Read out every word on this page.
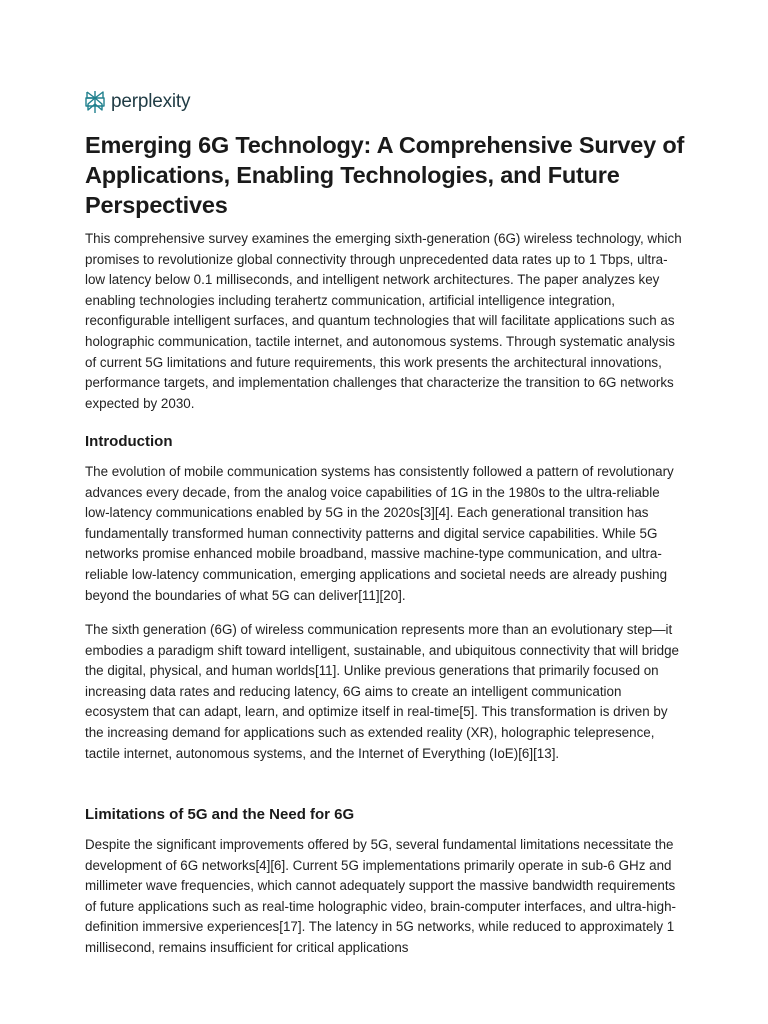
perplexity
Emerging 6G Technology: A Comprehensive Survey of Applications, Enabling Technologies, and Future Perspectives

This comprehensive survey examines the emerging sixth-generation (6G) wireless technology, which promises to revolutionize global connectivity through unprecedented data rates up to 1 Tbps, ultra-low latency below 0.1 milliseconds, and intelligent network architectures. The paper analyzes key enabling technologies including terahertz communication, artificial intelligence integration, reconfigurable intelligent surfaces, and quantum technologies that will facilitate applications such as holographic communication, tactile internet, and autonomous systems. Through systematic analysis of current 5G limitations and future requirements, this work presents the architectural innovations, performance targets, and implementation challenges that characterize the transition to 6G networks expected by 2030.

Introduction

The evolution of mobile communication systems has consistently followed a pattern of revolutionary advances every decade, from the analog voice capabilities of 1G in the 1980s to the ultra-reliable low-latency communications enabled by 5G in the 2020s[3][4]. Each generational transition has fundamentally transformed human connectivity patterns and digital service capabilities. While 5G networks promise enhanced mobile broadband, massive machine-type communication, and ultra-reliable low-latency communication, emerging applications and societal needs are already pushing beyond the boundaries of what 5G can deliver[11][20].

The sixth generation (6G) of wireless communication represents more than an evolutionary step—it embodies a paradigm shift toward intelligent, sustainable, and ubiquitous connectivity that will bridge the digital, physical, and human worlds[11]. Unlike previous generations that primarily focused on increasing data rates and reducing latency, 6G aims to create an intelligent communication ecosystem that can adapt, learn, and optimize itself in real-time[5]. This transformation is driven by the increasing demand for applications such as extended reality (XR), holographic telepresence, tactile internet, autonomous systems, and the Internet of Everything (IoE)[6][13].

Limitations of 5G and the Need for 6G

Despite the significant improvements offered by 5G, several fundamental limitations necessitate the development of 6G networks[4][6]. Current 5G implementations primarily operate in sub-6 GHz and millimeter wave frequencies, which cannot adequately support the massive bandwidth requirements of future applications such as real-time holographic video, brain-computer interfaces, and ultra-high-definition immersive experiences[17]. The latency in 5G networks, while reduced to approximately 1 millisecond, remains insufficient for critical applications
